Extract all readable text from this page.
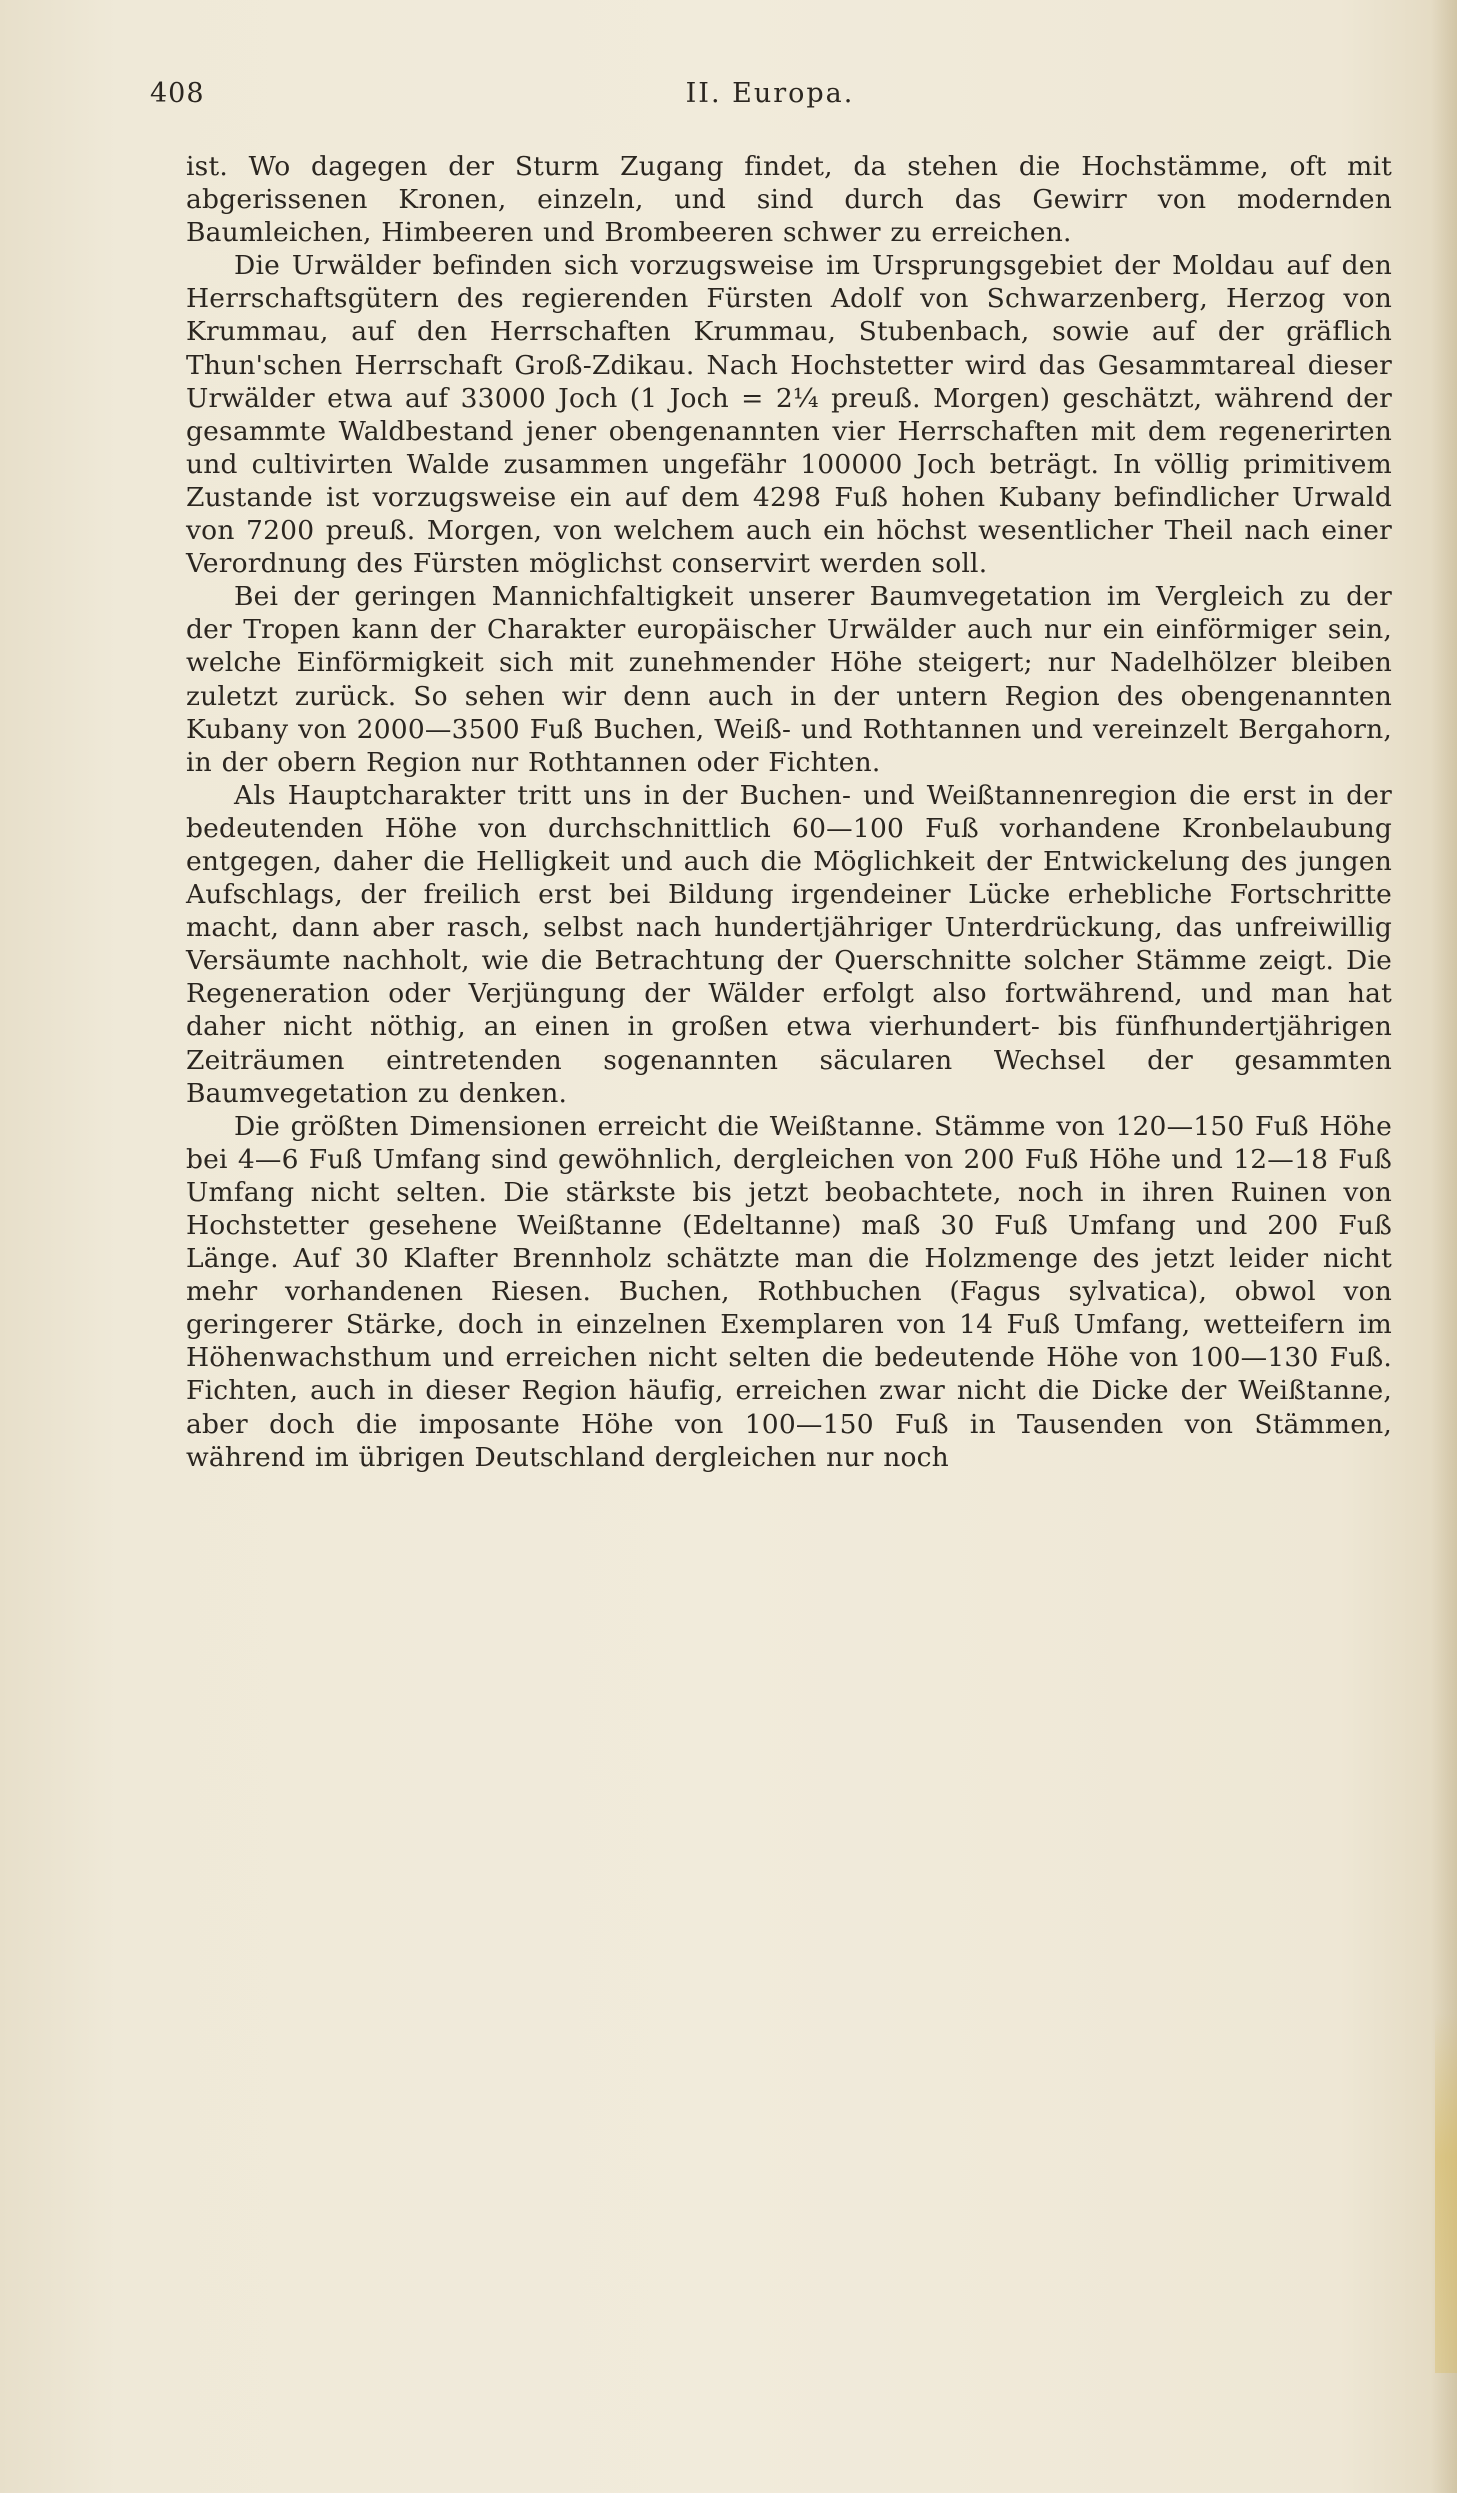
408	II. Europa.

ist. Wo dagegen der Sturm Zugang findet, da stehen die Hochstämme, oft mit abgerissenen Kronen, einzeln, und sind durch das Gewirr von modernden Baumleichen, Himbeeren und Brombeeren schwer zu erreichen.

Die Urwälder befinden sich vorzugsweise im Ursprungsgebiet der Moldau auf den Herrschaftsgütern des regierenden Fürsten Adolf von Schwarzenberg, Herzog von Krummau, auf den Herrschaften Krummau, Stubenbach, sowie auf der gräflich Thun'schen Herrschaft Groß-Zdikau. Nach Hochstetter wird das Gesammtareal dieser Urwälder etwa auf 33000 Joch (1 Joch = 2¼ preuß. Morgen) geschätzt, während der gesammte Waldbestand jener obengenannten vier Herrschaften mit dem regenerirten und cultivirten Walde zusammen ungefähr 100000 Joch beträgt. In völlig primitivem Zustande ist vorzugsweise ein auf dem 4298 Fuß hohen Kubany befindlicher Urwald von 7200 preuß. Morgen, von welchem auch ein höchst wesentlicher Theil nach einer Verordnung des Fürsten möglichst conservirt werden soll.

Bei der geringen Mannichfaltigkeit unserer Baumvegetation im Vergleich zu der der Tropen kann der Charakter europäischer Urwälder auch nur ein einförmiger sein, welche Einförmigkeit sich mit zunehmender Höhe steigert; nur Nadelhölzer bleiben zuletzt zurück. So sehen wir denn auch in der untern Region des obengenannten Kubany von 2000—3500 Fuß Buchen, Weiß- und Rothtannen und vereinzelt Bergahorn, in der obern Region nur Rothtannen oder Fichten.

Als Hauptcharakter tritt uns in der Buchen- und Weißtannenregion die erst in der bedeutenden Höhe von durchschnittlich 60—100 Fuß vorhandene Kronbelaubung entgegen, daher die Helligkeit und auch die Möglichkeit der Entwickelung des jungen Aufschlags, der freilich erst bei Bildung irgendeiner Lücke erhebliche Fortschritte macht, dann aber rasch, selbst nach hundertjähriger Unterdrückung, das unfreiwillig Versäumte nachholt, wie die Betrachtung der Querschnitte solcher Stämme zeigt. Die Regeneration oder Verjüngung der Wälder erfolgt also fortwährend, und man hat daher nicht nöthig, an einen in großen etwa vierhundert- bis fünfhundertjährigen Zeiträumen eintretenden sogenannten säcularen Wechsel der gesammten Baumvegetation zu denken.

Die größten Dimensionen erreicht die Weißtanne. Stämme von 120—150 Fuß Höhe bei 4—6 Fuß Umfang sind gewöhnlich, dergleichen von 200 Fuß Höhe und 12—18 Fuß Umfang nicht selten. Die stärkste bis jetzt beobachtete, noch in ihren Ruinen von Hochstetter gesehene Weißtanne (Edeltanne) maß 30 Fuß Umfang und 200 Fuß Länge. Auf 30 Klafter Brennholz schätzte man die Holzmenge des jetzt leider nicht mehr vorhandenen Riesen. Buchen, Rothbuchen (Fagus sylvatica), obwol von geringerer Stärke, doch in einzelnen Exemplaren von 14 Fuß Umfang, wetteifern im Höhenwachsthum und erreichen nicht selten die bedeutende Höhe von 100—130 Fuß. Fichten, auch in dieser Region häufig, erreichen zwar nicht die Dicke der Weißtanne, aber doch die imposante Höhe von 100—150 Fuß in Tausenden von Stämmen, während im übrigen Deutschland dergleichen nur noch
